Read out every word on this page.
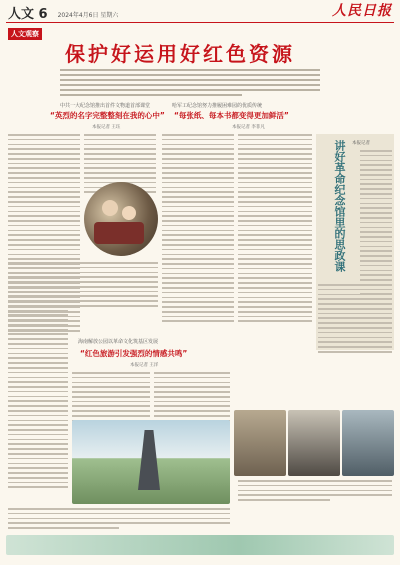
人文 6 2024年4月6日 星期六	人民日报
人文观察
保护好运用好红色资源
中共一大纪念馆推出首件文物道首部课堂
“英烈的名字完整整刻在我的心中”
本报记者 王珏
哈军工纪念馆努力推履困难园的优质传统
“每张纸、每本书都变得更加鲜活”
本报记者 李菲凡
讲好革命纪念馆里的思政课 本报记者
海南解放公园以革命文化筑基区发展
“红色旅游引发强烈的情感共鸣”
本报记者 王洋
